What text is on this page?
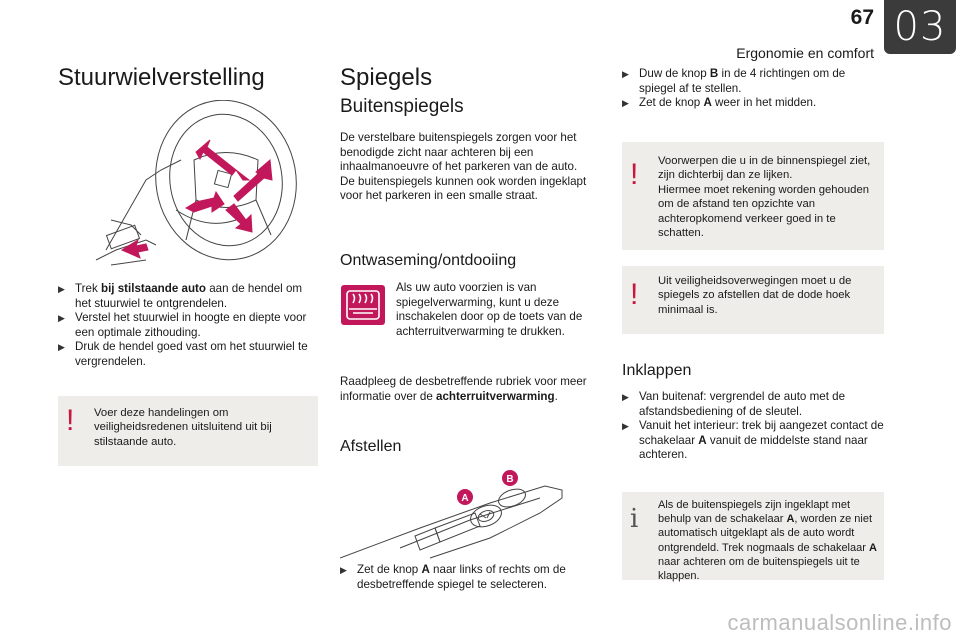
67 03
Ergonomie en comfort
Stuurwielverstelling
▶ Trek bij stilstaande auto aan de hendel om het stuurwiel te ontgrendelen.
▶ Verstel het stuurwiel in hoogte en diepte voor een optimale zithouding.
▶ Druk de hendel goed vast om het stuurwiel te vergrendelen.
! Voer deze handelingen om veiligheidsredenen uitsluitend uit bij stilstaande auto.
Spiegels
Buitenspiegels
De verstelbare buitenspiegels zorgen voor het benodigde zicht naar achteren bij een inhaalmanoeuvre of het parkeren van de auto. De buitenspiegels kunnen ook worden ingeklapt voor het parkeren in een smalle straat.
Ontwaseming/ontdooiing
Als uw auto voorzien is van spiegelverwarming, kunt u deze inschakelen door op de toets van de achterruitverwarming te drukken.
Raadpleeg de desbetreffende rubriek voor meer informatie over de achterruitverwarming.
Afstellen
A
B
▶ Zet de knop A naar links of rechts om de desbetreffende spiegel te selecteren.
▶ Duw de knop B in de 4 richtingen om de spiegel af te stellen.
▶ Zet de knop A weer in het midden.
! Voorwerpen die u in de binnenspiegel ziet, zijn dichterbij dan ze lijken.
Hiermee moet rekening worden gehouden om de afstand ten opzichte van achteropkomend verkeer goed in te schatten.
! Uit veiligheidsoverwegingen moet u de spiegels zo afstellen dat de dode hoek minimaal is.
Inklappen
▶ Van buitenaf: vergrendel de auto met de afstandsbediening of de sleutel.
▶ Vanuit het interieur: trek bij aangezet contact de schakelaar A vanuit de middelste stand naar achteren.
i Als de buitenspiegels zijn ingeklapt met behulp van de schakelaar A, worden ze niet automatisch uitgeklapt als de auto wordt ontgrendeld. Trek nogmaals de schakelaar A naar achteren om de buitenspiegels uit te klappen.
carmanualsonline.info
